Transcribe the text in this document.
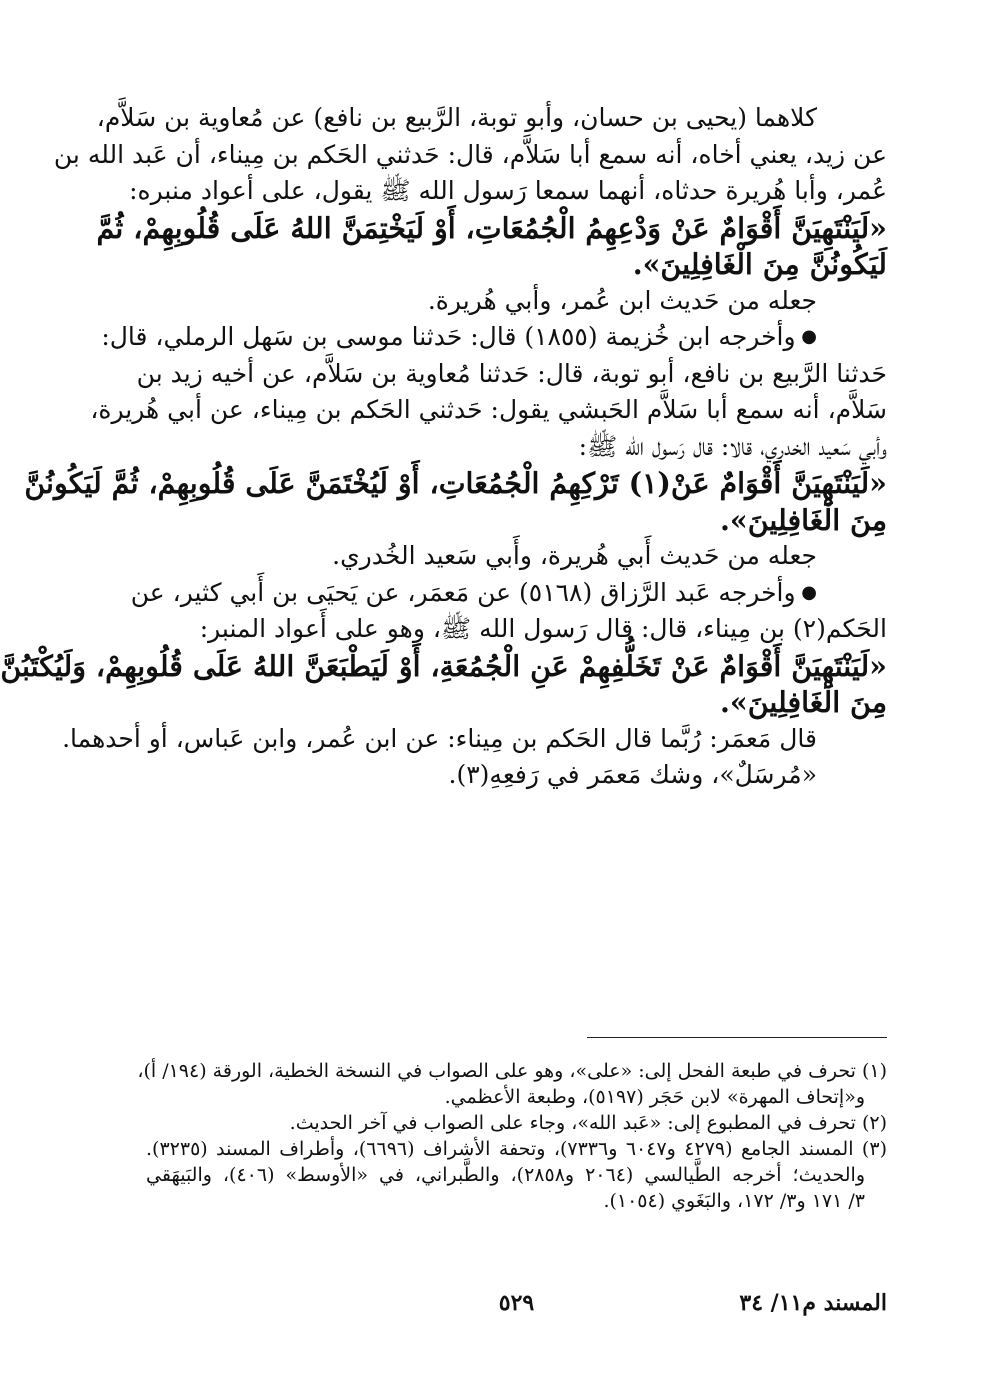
كلاهما (يحيى بن حسان، وأبو توبة، الرَّبيع بن نافع) عن مُعاوية بن سَلاَّم،
عن زيد، يعني أخاه، أنه سمع أبا سَلاَّم، قال: حَدثني الحَكم بن مِيناء، أن عَبد الله بن
عُمر، وأبا هُريرة حدثاه، أنهما سمعا رَسول الله ﷺ يقول، على أعواد منبره:
«لَيَنْتَهِيَنَّ أَقْوَامٌ عَنْ وَدْعِهِمُ الْجُمُعَاتِ، أَوْ لَيَخْتِمَنَّ اللهُ عَلَى قُلُوبِهِمْ، ثُمَّ
لَيَكُونُنَّ مِنَ الْغَافِلِينَ».
جعله من حَديث ابن عُمر، وأبي هُريرة.
● وأخرجه ابن خُزيمة (١٨٥٥) قال: حَدثنا موسى بن سَهل الرملي، قال:
حَدثنا الرَّبيع بن نافع، أبو توبة، قال: حَدثنا مُعاوية بن سَلاَّم، عن أخيه زيد بن
سَلاَّم، أنه سمع أبا سَلاَّم الحَبشي يقول: حَدثني الحَكم بن مِيناء، عن أبي هُريرة،
وأبي سَعيد الخدري، قالا: قال رَسول الله ﷺ:
«لَيَنْتَهِيَنَّ أَقْوَامٌ عَنْ(١) تَرْكِهِمُ الْجُمُعَاتِ، أَوْ لَيُخْتَمَنَّ عَلَى قُلُوبِهِمْ، ثُمَّ لَيَكُونُنَّ
مِنَ الْغَافِلِينَ».
جعله من حَديث أَبي هُريرة، وأَبي سَعيد الخُدري.
● وأخرجه عَبد الرَّزاق (٥١٦٨) عن مَعمَر، عن يَحيَى بن أَبي كثير، عن
الحَكم(٢) بن مِيناء، قال: قال رَسول الله ﷺ، وهو على أَعواد المنبر:
«لَيَنْتَهِيَنَّ أَقْوَامٌ عَنْ تَخَلُّفِهِمْ عَنِ الْجُمُعَةِ، أَوْ لَيَطْبَعَنَّ اللهُ عَلَى قُلُوبِهِمْ، وَلَيُكْتَبُنَّ
مِنَ الْغَافِلِينَ».
قال مَعمَر: رُبَّما قال الحَكم بن مِيناء: عن ابن عُمر، وابن عَباس، أو أحدهما.
«مُرسَلٌ»، وشك مَعمَر في رَفعِهِ(٣).
(١) تحرف في طبعة الفحل إلى: «على»، وهو على الصواب في النسخة الخطية، الورقة (١٩٤/ أ)،
و«إتحاف المهرة» لابن حَجَر (٥١٩٧)، وطبعة الأعظمي.
(٢) تحرف في المطبوع إلى: «عَبد الله»، وجاء على الصواب في آخر الحديث.
(٣) المسند الجامع (٤٢٧٩ و٦٠٤٧ و٧٣٣٦)، وتحفة الأشراف (٦٦٩٦)، وأطراف المسند (٣٢٣٥).
والحديث؛ أخرجه الطَّيالسي (٢٠٦٤ و٢٨٥٨)، والطَّبراني، في «الأوسط» (٤٠٦)، والبَيهَقي
٣/ ١٧١ و٣/ ١٧٢، والبَغَوي (١٠٥٤).
المسند م١١/ ٣٤
٥٢٩
